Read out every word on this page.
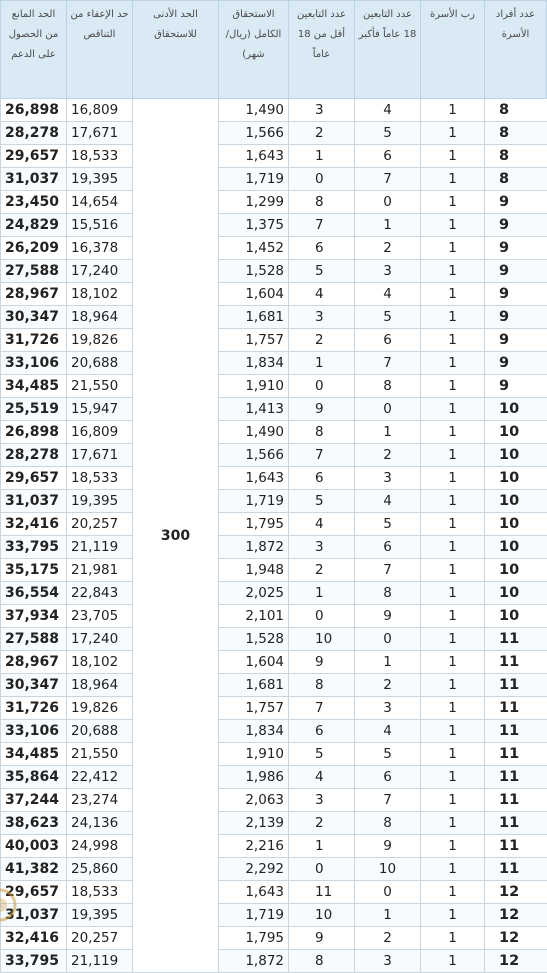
عدد أفراد الأسرة	رب الأسرة	عدد التابعين 18 عاماً فأكبر	عدد التابعين أقل من 18 عاماً	الاستحقاق الكامل (ريال/شهر)	الحد الأدنى للاستحقاق	حد الإعفاء من التناقص	الحد المانع من الحصول على الدعم
8	1	4	3	1,490	300	16,809	26,898
8	1	5	2	1,566		17,671	28,278
8	1	6	1	1,643		18,533	29,657
8	1	7	0	1,719		19,395	31,037
9	1	0	8	1,299		14,654	23,450
9	1	1	7	1,375		15,516	24,829
9	1	2	6	1,452		16,378	26,209
9	1	3	5	1,528		17,240	27,588
9	1	4	4	1,604		18,102	28,967
9	1	5	3	1,681		18,964	30,347
9	1	6	2	1,757		19,826	31,726
9	1	7	1	1,834		20,688	33,106
9	1	8	0	1,910		21,550	34,485
10	1	0	9	1,413		15,947	25,519
10	1	1	8	1,490		16,809	26,898
10	1	2	7	1,566		17,671	28,278
10	1	3	6	1,643		18,533	29,657
10	1	4	5	1,719		19,395	31,037
10	1	5	4	1,795		20,257	32,416
10	1	6	3	1,872		21,119	33,795
10	1	7	2	1,948		21,981	35,175
10	1	8	1	2,025		22,843	36,554
10	1	9	0	2,101		23,705	37,934
11	1	0	10	1,528		17,240	27,588
11	1	1	9	1,604		18,102	28,967
11	1	2	8	1,681		18,964	30,347
11	1	3	7	1,757		19,826	31,726
11	1	4	6	1,834		20,688	33,106
11	1	5	5	1,910		21,550	34,485
11	1	6	4	1,986		22,412	35,864
11	1	7	3	2,063		23,274	37,244
11	1	8	2	2,139		24,136	38,623
11	1	9	1	2,216		24,998	40,003
11	1	10	0	2,292		25,860	41,382
12	1	0	11	1,643		18,533	29,657
12	1	1	10	1,719		19,395	31,037
12	1	2	9	1,795		20,257	32,416
12	1	3	8	1,872		21,119	33,795
